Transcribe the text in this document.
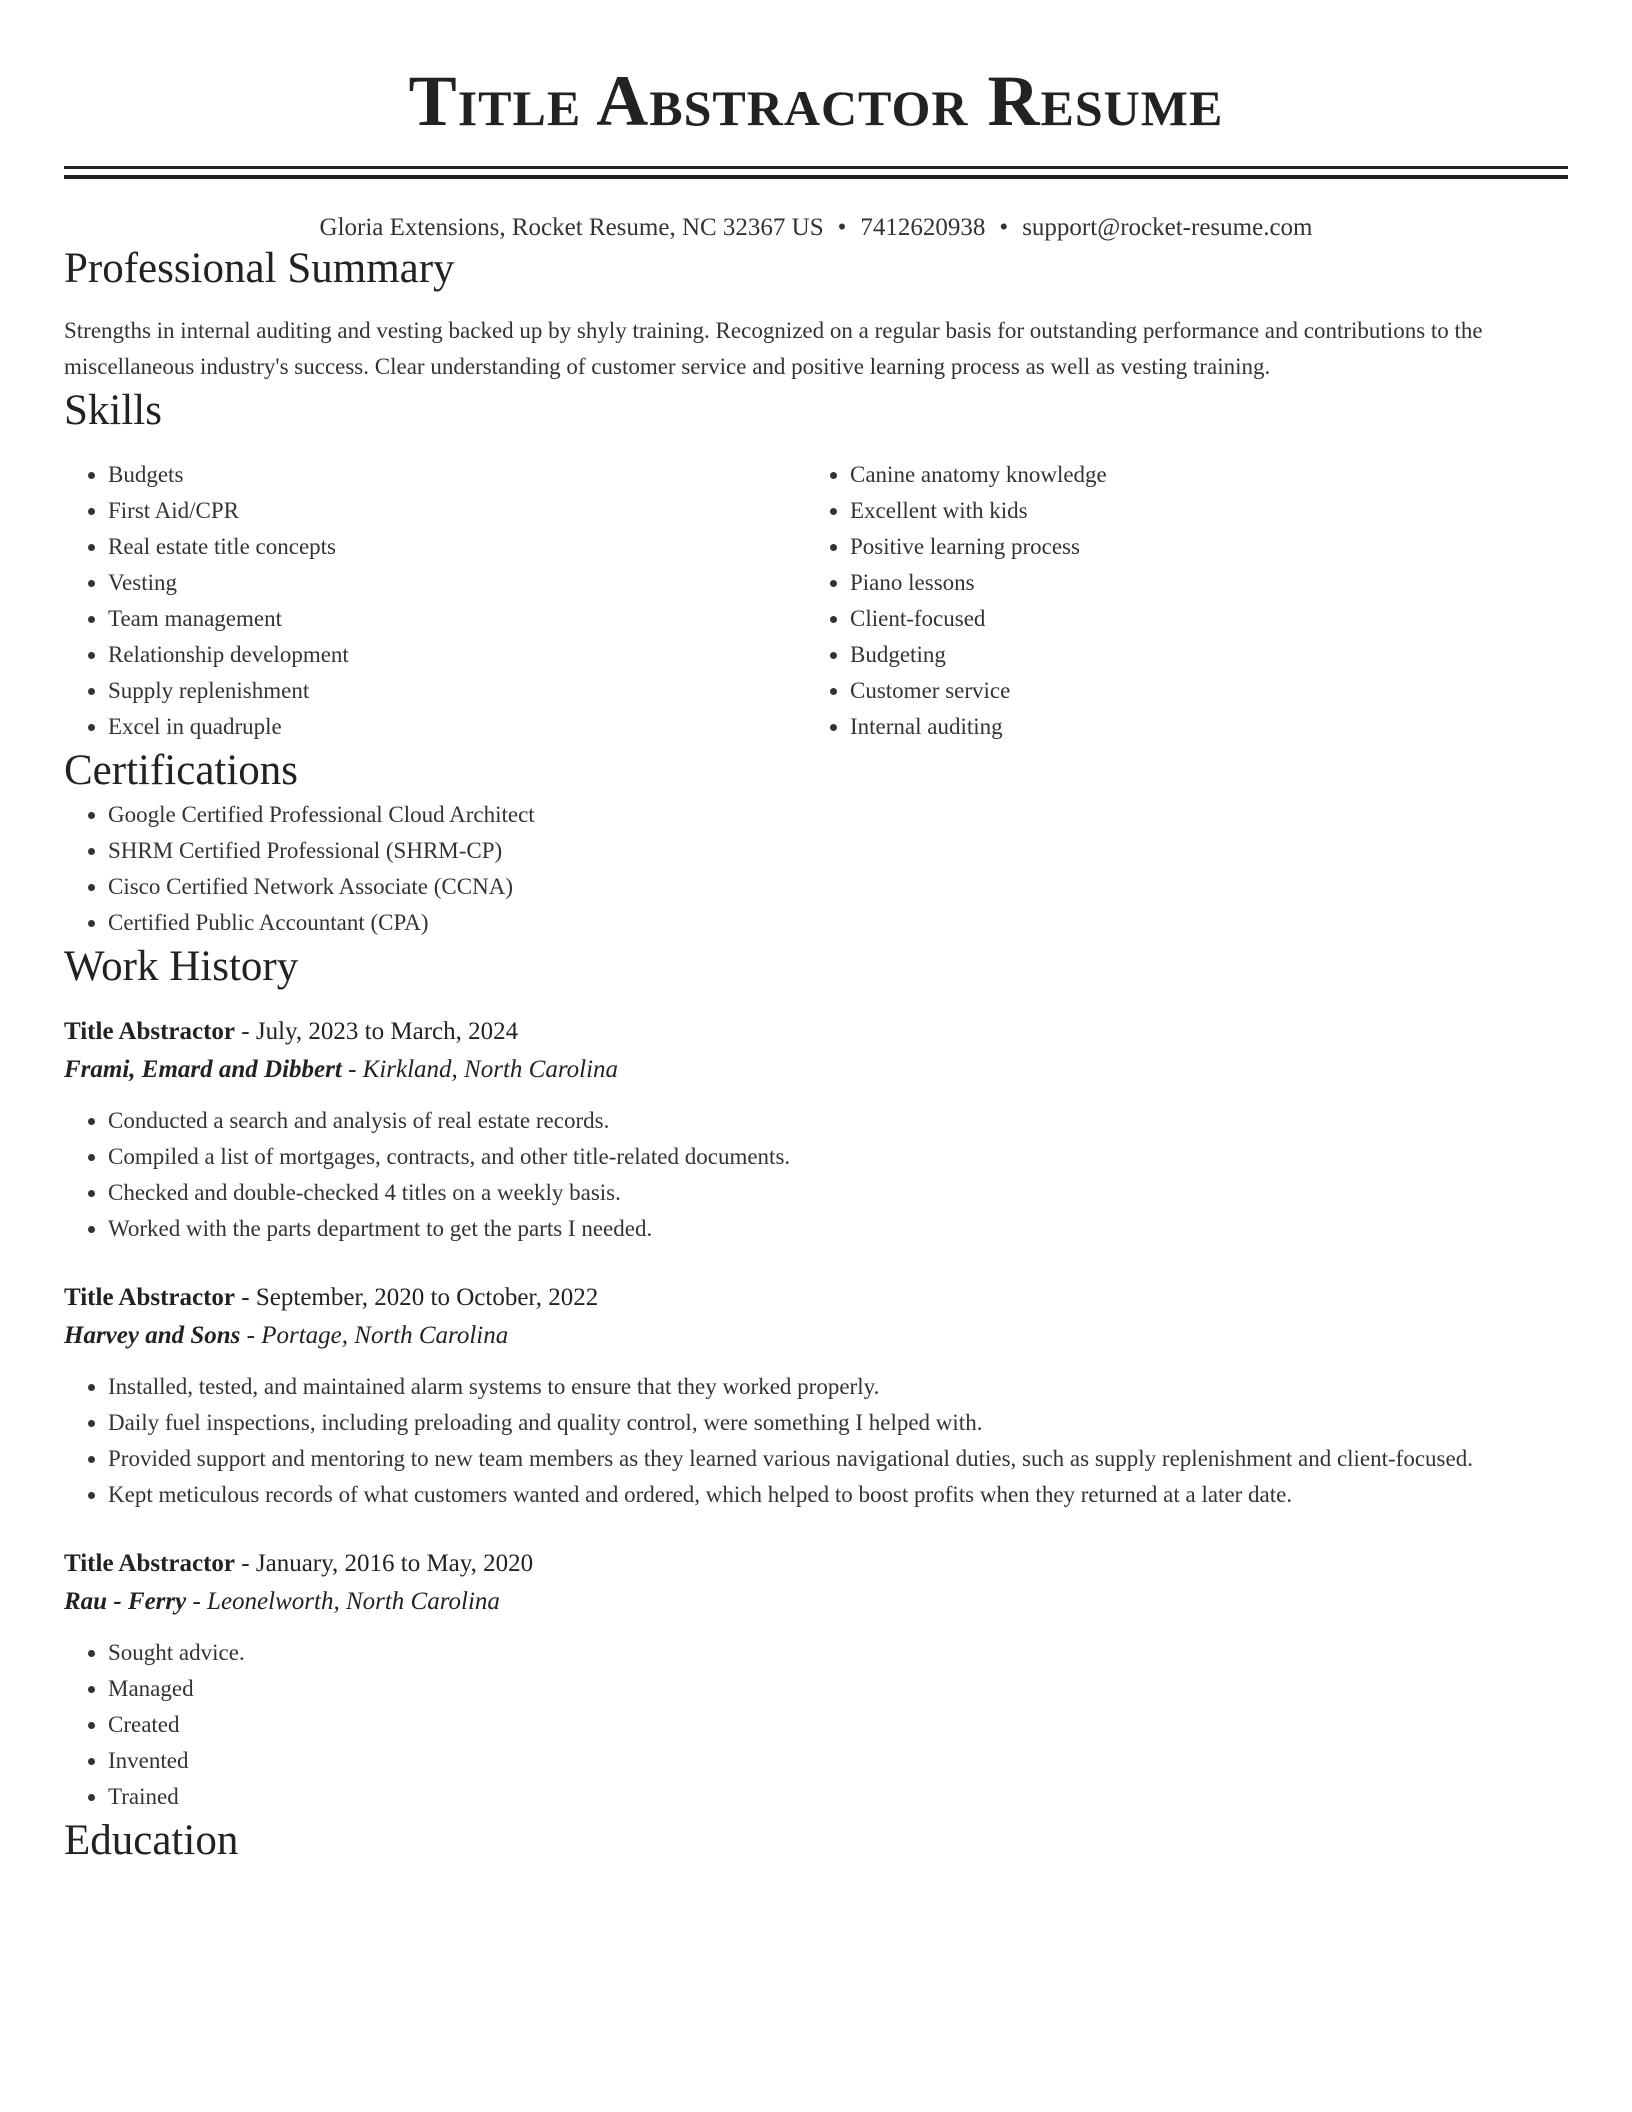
Title Abstractor Resume
Gloria Extensions, Rocket Resume, NC 32367 US • 7412620938 • support@rocket-resume.com
Professional Summary

Strengths in internal auditing and vesting backed up by shyly training. Recognized on a regular basis for outstanding performance and contributions to the miscellaneous industry's success. Clear understanding of customer service and positive learning process as well as vesting training.

Skills
• Budgets
• First Aid/CPR
• Real estate title concepts
• Vesting
• Team management
• Relationship development
• Supply replenishment
• Excel in quadruple
• Canine anatomy knowledge
• Excellent with kids
• Positive learning process
• Piano lessons
• Client-focused
• Budgeting
• Customer service
• Internal auditing
Certifications
• Google Certified Professional Cloud Architect
• SHRM Certified Professional (SHRM-CP)
• Cisco Certified Network Associate (CCNA)
• Certified Public Accountant (CPA)
Work History
Title Abstractor - July, 2023 to March, 2024
Frami, Emard and Dibbert - Kirkland, North Carolina
• Conducted a search and analysis of real estate records.
• Compiled a list of mortgages, contracts, and other title-related documents.
• Checked and double-checked 4 titles on a weekly basis.
• Worked with the parts department to get the parts I needed.
Title Abstractor - September, 2020 to October, 2022
Harvey and Sons - Portage, North Carolina
• Installed, tested, and maintained alarm systems to ensure that they worked properly.
• Daily fuel inspections, including preloading and quality control, were something I helped with.
• Provided support and mentoring to new team members as they learned various navigational duties, such as supply replenishment and client-focused.
• Kept meticulous records of what customers wanted and ordered, which helped to boost profits when they returned at a later date.
Title Abstractor - January, 2016 to May, 2020
Rau - Ferry - Leonelworth, North Carolina
• Sought advice.
• Managed
• Created
• Invented
• Trained
Education
